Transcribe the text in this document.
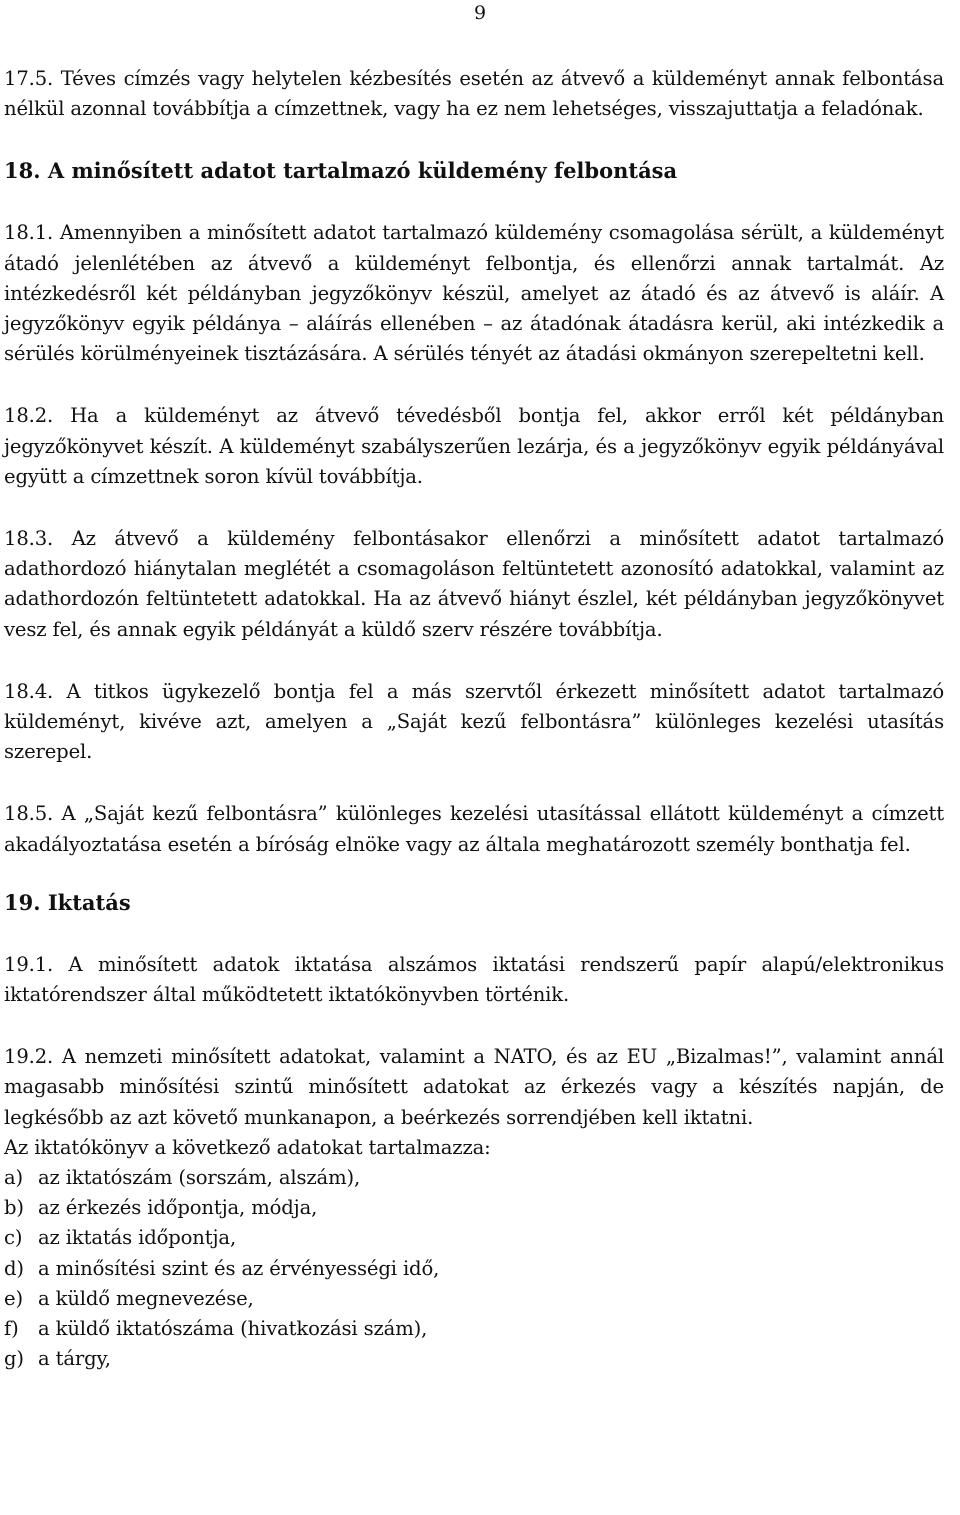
9

17.5. Téves címzés vagy helytelen kézbesítés esetén az átvevő a küldeményt annak felbontása nélkül azonnal továbbítja a címzettnek, vagy ha ez nem lehetséges, visszajuttatja a feladónak.

18. A minősített adatot tartalmazó küldemény felbontása

18.1. Amennyiben a minősített adatot tartalmazó küldemény csomagolása sérült, a küldeményt átadó jelenlétében az átvevő a küldeményt felbontja, és ellenőrzi annak tartalmát. Az intézkedésről két példányban jegyzőkönyv készül, amelyet az átadó és az átvevő is aláír. A jegyzőkönyv egyik példánya – aláírás ellenében – az átadónak átadásra kerül, aki intézkedik a sérülés körülményeinek tisztázására. A sérülés tényét az átadási okmányon szerepeltetni kell.

18.2. Ha a küldeményt az átvevő tévedésből bontja fel, akkor erről két példányban jegyzőkönyvet készít. A küldeményt szabályszerűen lezárja, és a jegyzőkönyv egyik példányával együtt a címzettnek soron kívül továbbítja.

18.3. Az átvevő a küldemény felbontásakor ellenőrzi a minősített adatot tartalmazó adathordozó hiánytalan meglétét a csomagoláson feltüntetett azonosító adatokkal, valamint az adathordozón feltüntetett adatokkal. Ha az átvevő hiányt észlel, két példányban jegyzőkönyvet vesz fel, és annak egyik példányát a küldő szerv részére továbbítja.

18.4. A titkos ügykezelő bontja fel a más szervtől érkezett minősített adatot tartalmazó küldeményt, kivéve azt, amelyen a „Saját kezű felbontásra” különleges kezelési utasítás szerepel.

18.5. A „Saját kezű felbontásra” különleges kezelési utasítással ellátott küldeményt a címzett akadályoztatása esetén a bíróság elnöke vagy az általa meghatározott személy bonthatja fel.

19. Iktatás

19.1. A minősített adatok iktatása alszámos iktatási rendszerű papír alapú/elektronikus iktatórendszer által működtetett iktatókönyvben történik.

19.2. A nemzeti minősített adatokat, valamint a NATO, és az EU „Bizalmas!”, valamint annál magasabb minősítési szintű minősített adatokat az érkezés vagy a készítés napján, de legkésőbb az azt követő munkanapon, a beérkezés sorrendjében kell iktatni.

Az iktatókönyv a következő adatokat tartalmazza:

a) az iktatószám (sorszám, alszám),

b) az érkezés időpontja, módja,

c) az iktatás időpontja,

d) a minősítési szint és az érvényességi idő,

e) a küldő megnevezése,

f) a küldő iktatószáma (hivatkozási szám),

g) a tárgy,
